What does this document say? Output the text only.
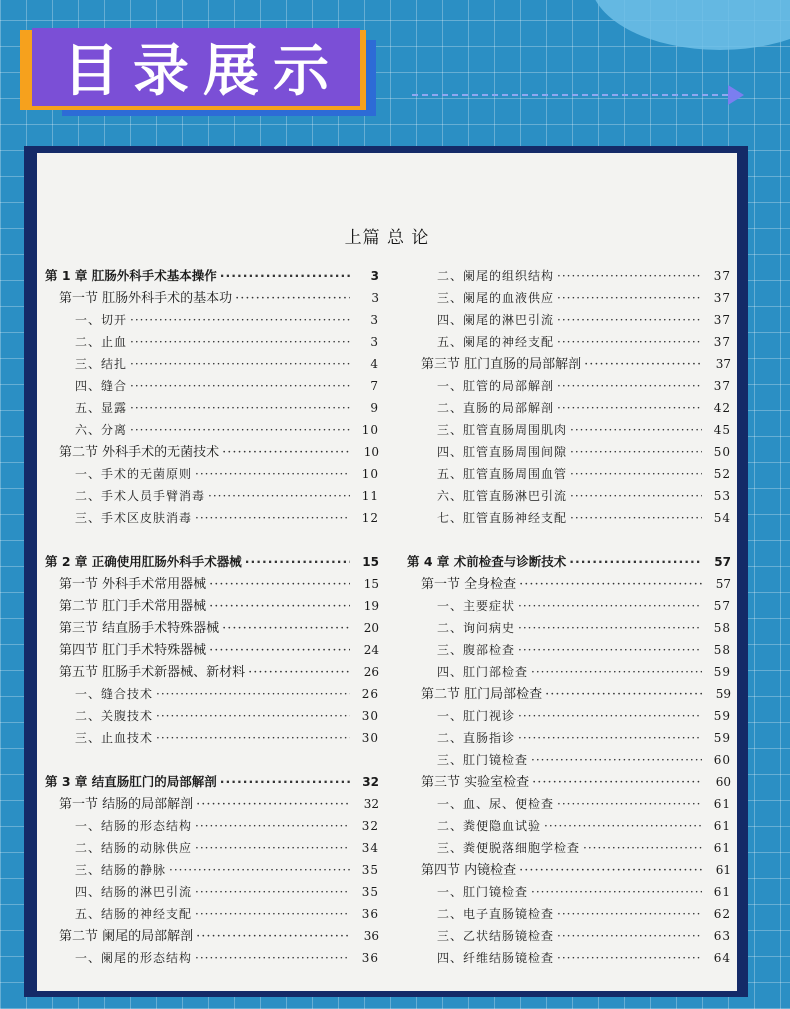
目录展示
上篇 总 论
第 1 章 肛肠外科手术基本操作 ·····	3
第一节 肛肠外科手术的基本功 ·····	3
一、切开 ·····	3
二、止血 ·····	3
三、结扎 ·····	4
四、缝合 ·····	7
五、显露 ·····	9
六、分离 ·····	10
第二节 外科手术的无菌技术 ·····	10
一、手术的无菌原则 ·····	10
二、手术人员手臂消毒 ·····	11
三、手术区皮肤消毒 ·····	12
第 2 章 正确使用肛肠外科手术器械 ·····	15
第一节 外科手术常用器械 ·····	15
第二节 肛门手术常用器械 ·····	19
第三节 结直肠手术特殊器械 ·····	20
第四节 肛门手术特殊器械 ·····	24
第五节 肛肠手术新器械、新材料 ·····	26
一、缝合技术 ·····	26
二、关腹技术 ·····	30
三、止血技术 ·····	30
第 3 章 结直肠肛门的局部解剖 ·····	32
第一节 结肠的局部解剖 ·····	32
一、结肠的形态结构 ·····	32
二、结肠的动脉供应 ·····	34
三、结肠的静脉 ·····	35
四、结肠的淋巴引流 ·····	35
五、结肠的神经支配 ·····	36
第二节 阑尾的局部解剖 ·····	36
一、阑尾的形态结构 ·····	36
二、阑尾的组织结构 ·····	37
三、阑尾的血液供应 ·····	37
四、阑尾的淋巴引流 ·····	37
五、阑尾的神经支配 ·····	37
第三节 肛门直肠的局部解剖 ·····	37
一、肛管的局部解剖 ·····	37
二、直肠的局部解剖 ·····	42
三、肛管直肠周围肌肉 ·····	45
四、肛管直肠周围间隙 ·····	50
五、肛管直肠周围血管 ·····	52
六、肛管直肠淋巴引流 ·····	53
七、肛管直肠神经支配 ·····	54
第 4 章 术前检查与诊断技术 ·····	57
第一节 全身检查 ·····	57
一、主要症状 ·····	57
二、询问病史 ·····	58
三、腹部检查 ·····	58
四、肛门部检查 ·····	59
第二节 肛门局部检查 ·····	59
一、肛门视诊 ·····	59
二、直肠指诊 ·····	59
三、肛门镜检查 ·····	60
第三节 实验室检查 ·····	60
一、血、尿、便检查 ·····	61
二、粪便隐血试验 ·····	61
三、粪便脱落细胞学检查 ·····	61
第四节 内镜检查 ·····	61
一、肛门镜检查 ·····	61
二、电子直肠镜检查 ·····	62
三、乙状结肠镜检查 ·····	63
四、纤维结肠镜检查 ·····	64
